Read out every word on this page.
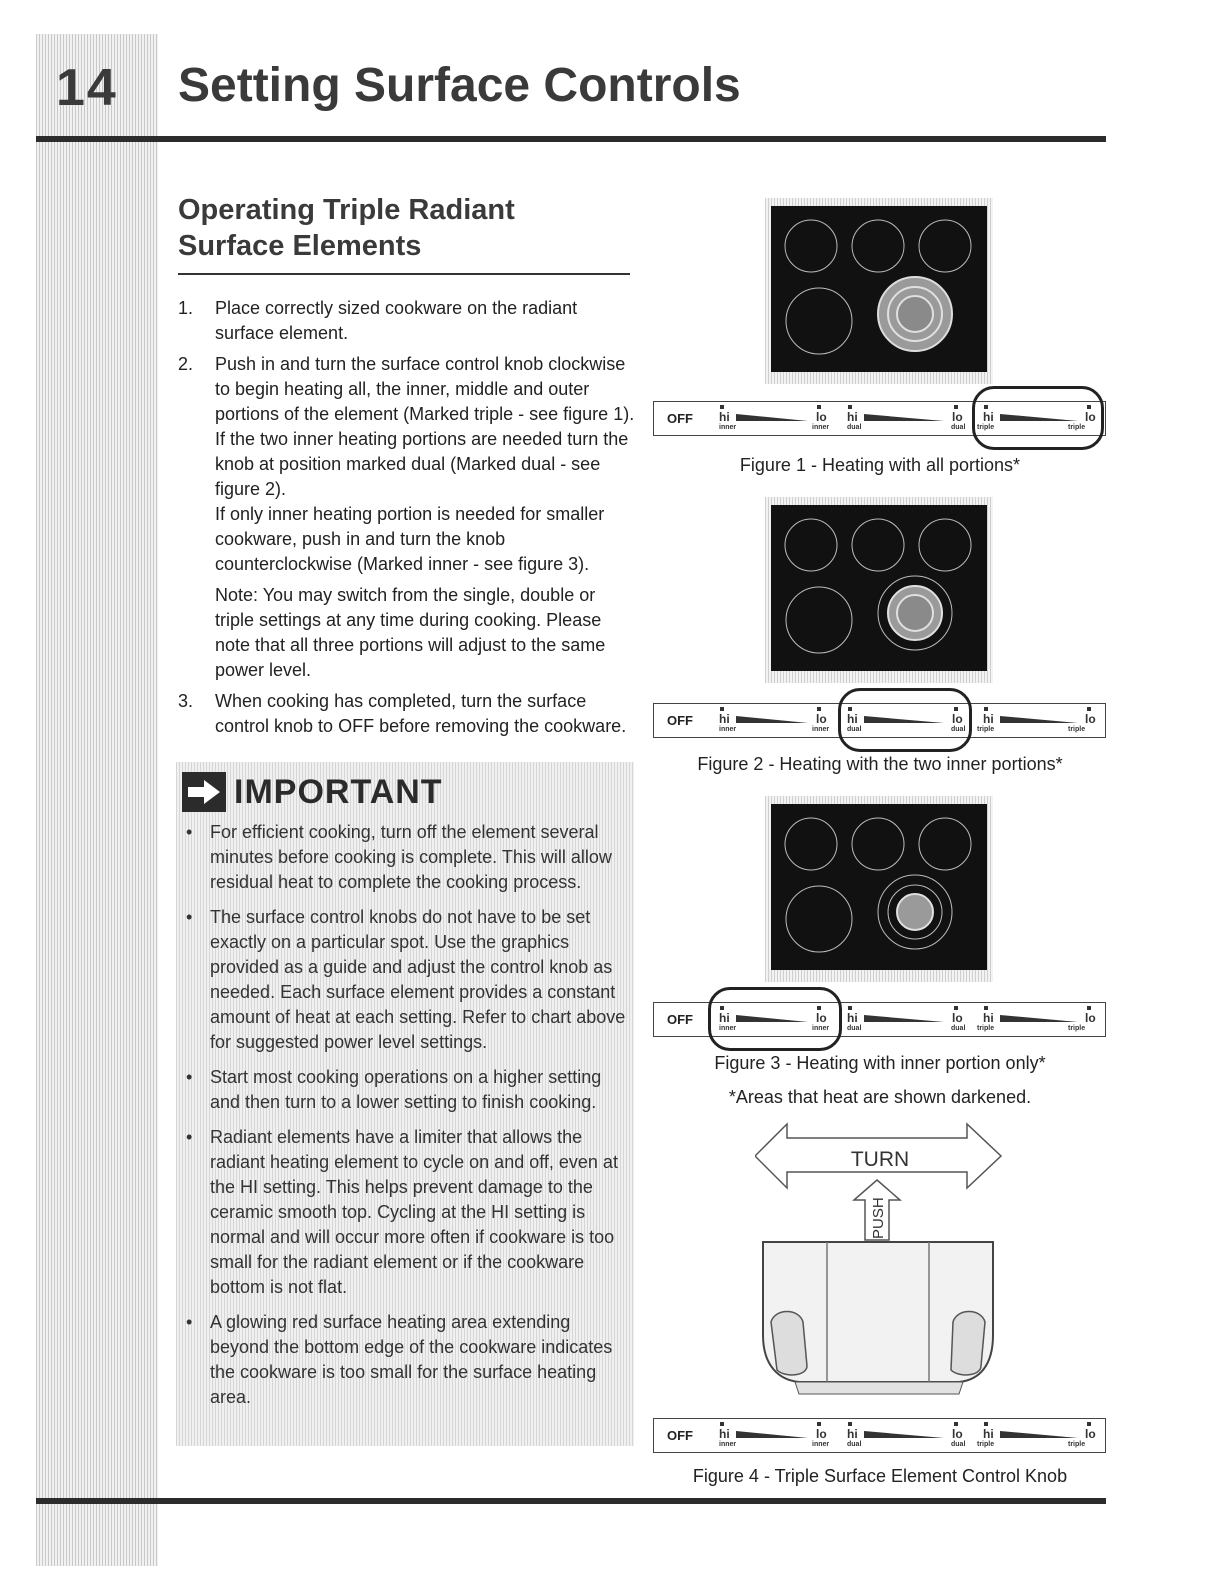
14 Setting Surface Controls
Operating Triple Radiant Surface Elements
1. Place correctly sized cookware on the radiant surface element.

2. Push in and turn the surface control knob clockwise to begin heating all, the inner, middle and outer portions of the element (Marked triple - see figure 1). If the two inner heating portions are needed turn the knob at position marked dual (Marked dual - see figure 2).

If only inner heating portion is needed for smaller cookware, push in and turn the knob counterclockwise (Marked inner - see figure 3).

Note: You may switch from the single, double or triple settings at any time during cooking. Please note that all three portions will adjust to the same power level.

3. When cooking has completed, turn the surface control knob to OFF before removing the cookware.

IMPORTANT
• For efficient cooking, turn off the element several minutes before cooking is complete. This will allow residual heat to complete the cooking process.
• The surface control knobs do not have to be set exactly on a particular spot. Use the graphics provided as a guide and adjust the control knob as needed. Each surface element provides a constant amount of heat at each setting. Refer to chart above for suggested power level settings.
• Start most cooking operations on a higher setting and then turn to a lower setting to finish cooking.
• Radiant elements have a limiter that allows the radiant heating element to cycle on and off, even at the HI setting. This helps prevent damage to the ceramic smooth top. Cycling at the HI setting is normal and will occur more often if cookware is too small for the radiant element or if the cookware bottom is not flat.
• A glowing red surface heating area extending beyond the bottom edge of the cookware indicates the cookware is too small for the surface heating area.
OFF hi
inner
lo
inner
hi
dual
lo
dual
hi
triple
lo
triple

Figure 1 - Heating with all portions*

OFF hi
inner
lo
inner
hi
dual
lo
dual
hi
triple
lo
triple

Figure 2 - Heating with the two inner portions*

OFF hi
inner
lo
inner
hi
dual
lo
dual
hi
triple
lo
triple

Figure 3 - Heating with inner portion only*

*Areas that heat are shown darkened.

TURN
PUSH
OFF hi
inner
lo
inner
hi
dual
lo
dual
hi
triple
lo
triple

Figure 4 - Triple Surface Element Control Knob
